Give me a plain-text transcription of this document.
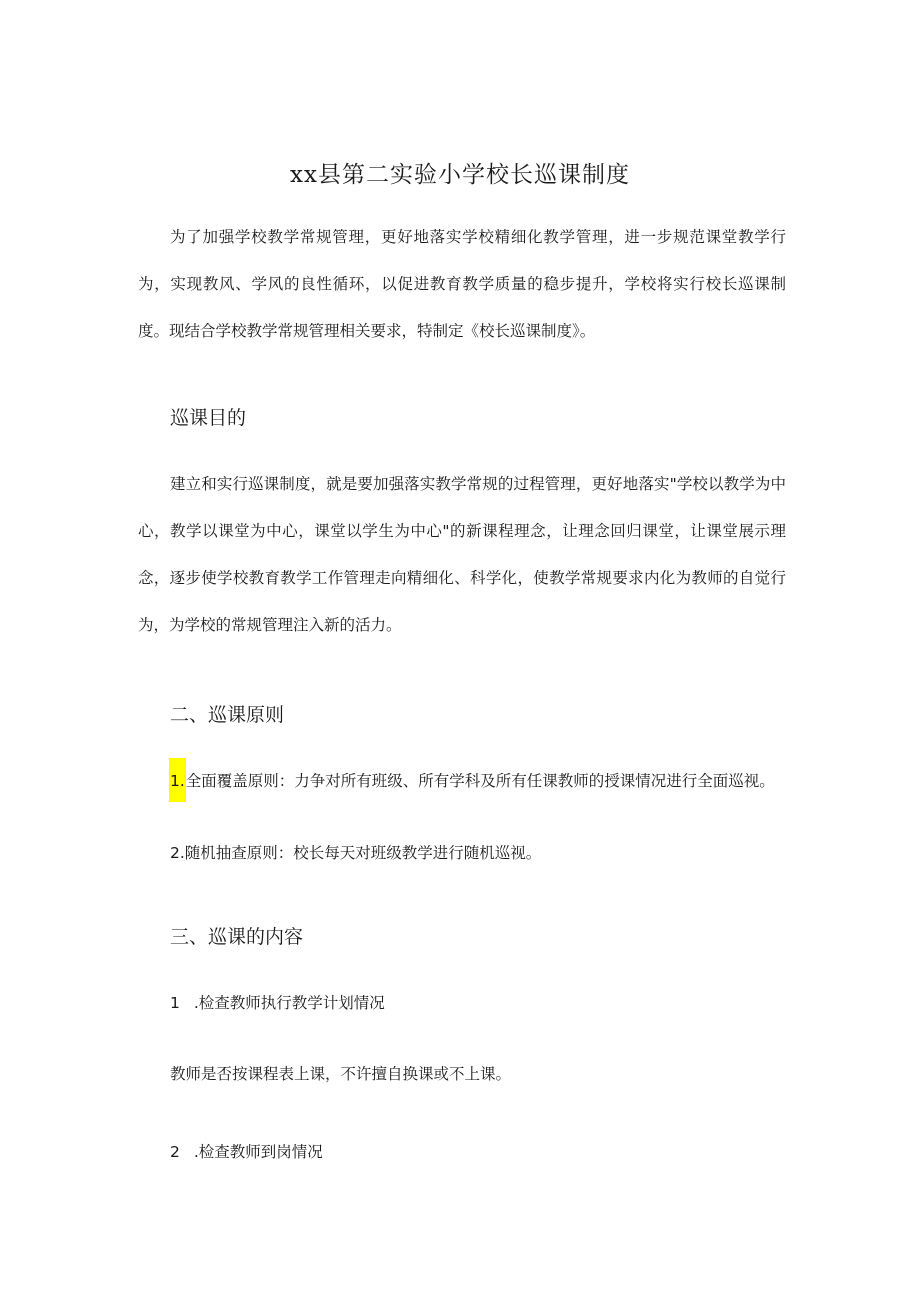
xx县第二实验小学校长巡课制度

为了加强学校教学常规管理，更好地落实学校精细化教学管理，进一步规范课堂教学行为，实现教风、学风的良性循环，以促进教育教学质量的稳步提升，学校将实行校长巡课制度。现结合学校教学常规管理相关要求，特制定《校长巡课制度》。

巡课目的

建立和实行巡课制度，就是要加强落实教学常规的过程管理，更好地落实"学校以教学为中心，教学以课堂为中心，课堂以学生为中心"的新课程理念，让理念回归课堂，让课堂展示理念，逐步使学校教育教学工作管理走向精细化、科学化，使教学常规要求内化为教师的自觉行为，为学校的常规管理注入新的活力。

二、巡课原则

1.全面覆盖原则：力争对所有班级、所有学科及所有任课教师的授课情况进行全面巡视。

2.随机抽查原则：校长每天对班级教学进行随机巡视。

三、巡课的内容

1 .检查教师执行教学计划情况

教师是否按课程表上课，不许擅自换课或不上课。

2 .检查教师到岗情况
